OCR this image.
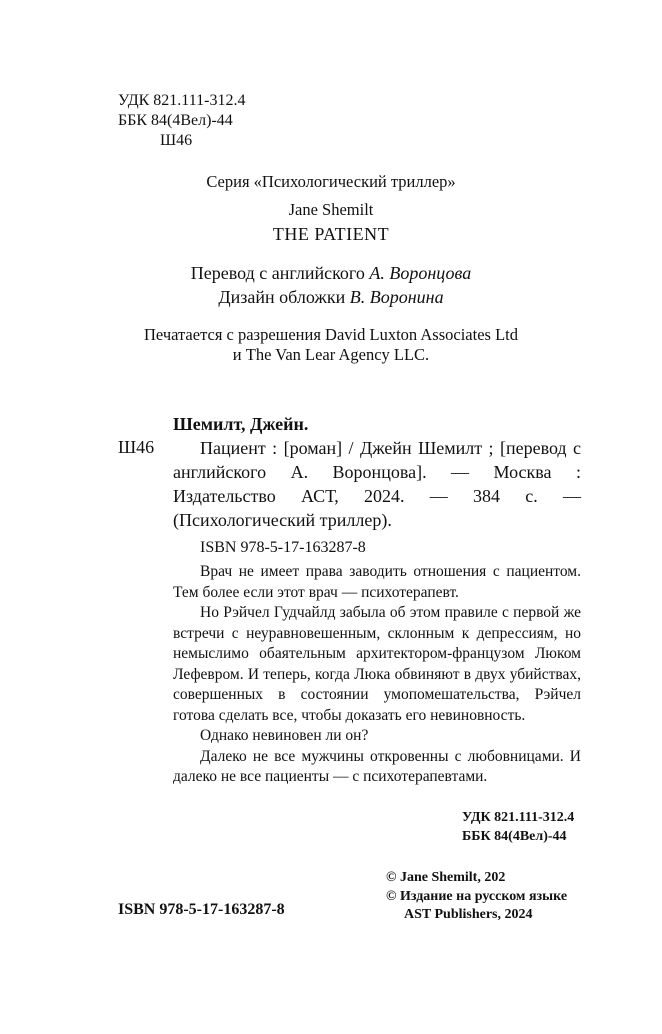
УДК 821.111-312.4
ББК 84(4Вел)-44
Ш46
Серия «Психологический триллер»
Jane Shemilt
THE PATIENT
Перевод с английского А. Воронцова
Дизайн обложки В. Воронина
Печатается с разрешения David Luxton Associates Ltd
и The Van Lear Agency LLC.
Ш46
Шемилт, Джейн.
Пациент : [роман] / Джейн Шемилт ; [перевод с английского А. Воронцова]. — Москва : Издательство АСТ, 2024. — 384 с. — (Психологический триллер).
ISBN 978-5-17-163287-8

Врач не имеет права заводить отношения с пациентом. Тем более если этот врач — психотерапевт.

Но Рэйчел Гудчайлд забыла об этом правиле с первой же встречи с неуравновешенным, склонным к депрессиям, но немыслимо обаятельным архитектором-французом Люком Лефевром. И теперь, когда Люка обвиняют в двух убийствах, совершенных в состоянии умопомешательства, Рэйчел готова сделать все, чтобы доказать его невиновность.

Однако невиновен ли он?

Далеко не все мужчины откровенны с любовницами. И далеко не все пациенты — с психотерапевтами.

УДК 821.111-312.4
ББК 84(4Вел)-44
© Jane Shemilt, 202
© Издание на русском языке
AST Publishers, 2024
ISBN 978-5-17-163287-8
